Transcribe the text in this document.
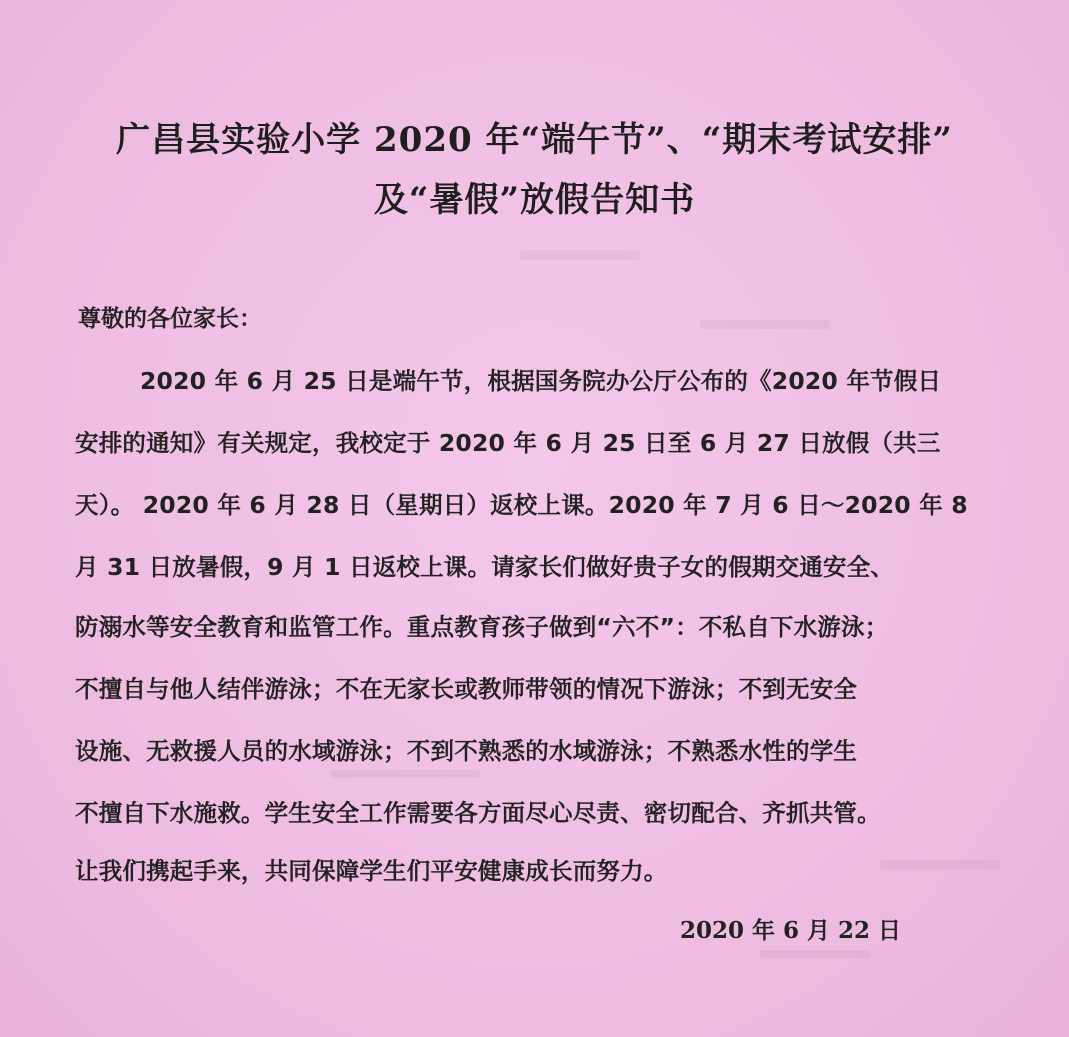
广昌县实验小学 2020 年“端午节”、“期末考试安排”
及“暑假”放假告知书
尊敬的各位家长：
2020 年 6 月 25 日是端午节，根据国务院办公厅公布的《2020 年节假日
安排的通知》有关规定，我校定于 2020 年 6 月 25 日至 6 月 27 日放假（共三
天）。 2020 年 6 月 28 日（星期日）返校上课。2020 年 7 月 6 日～2020 年 8
月 31 日放暑假，9 月 1 日返校上课。请家长们做好贵子女的假期交通安全、
防溺水等安全教育和监管工作。重点教育孩子做到“六不”：不私自下水游泳；
不擅自与他人结伴游泳；不在无家长或教师带领的情况下游泳；不到无安全
设施、无救援人员的水域游泳；不到不熟悉的水域游泳；不熟悉水性的学生
不擅自下水施救。学生安全工作需要各方面尽心尽责、密切配合、齐抓共管。
让我们携起手来，共同保障学生们平安健康成长而努力。
2020 年 6 月 22 日
